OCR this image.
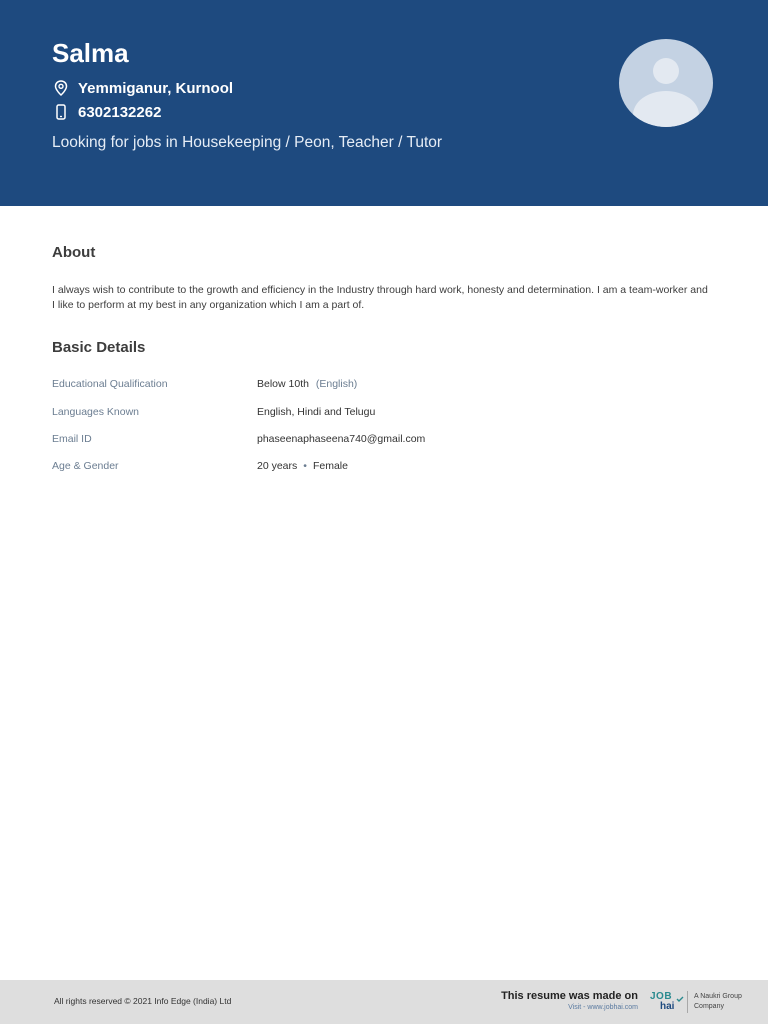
Salma
Yemmiganur, Kurnool
6302132262
Looking for jobs in Housekeeping / Peon, Teacher / Tutor
About
I always wish to contribute to the growth and efficiency in the Industry through hard work, honesty and determination. I am a team-worker and I like to perform at my best in any organization which I am a part of.
Basic Details
Educational Qualification	Below 10th (English)
Languages Known	English, Hindi and Telugu
Email ID	phaseenaphaseena740@gmail.com
Age & Gender	20 years • Female
All rights reserved © 2021 Info Edge (India) Ltd	This resume was made on
Visit - www.jobhai.com
JOB
hai
A Naukri Group
Company
